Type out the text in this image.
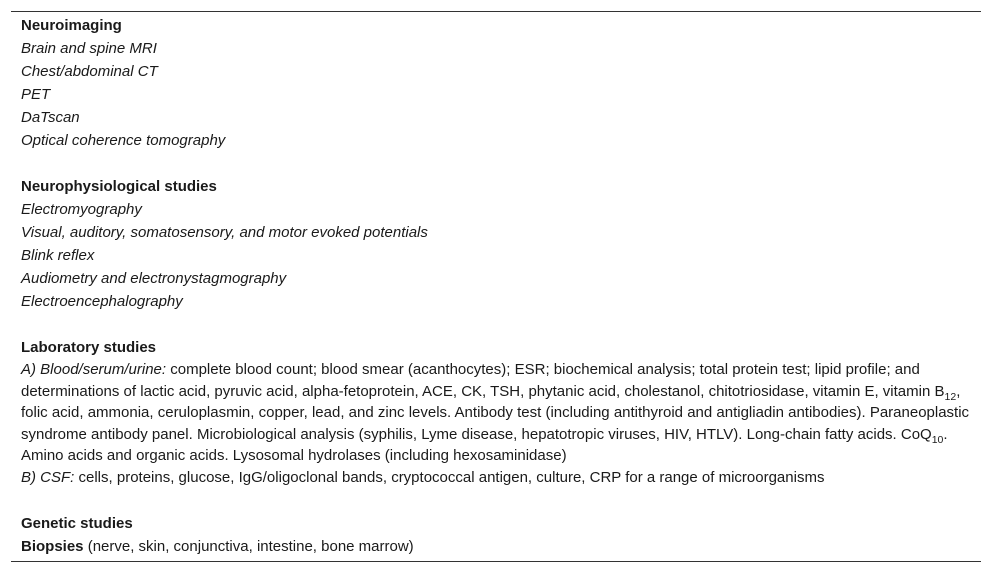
Neuroimaging
Brain and spine MRI
Chest/abdominal CT
PET
DaTscan
Optical coherence tomography
Neurophysiological studies
Electromyography
Visual, auditory, somatosensory, and motor evoked potentials
Blink reflex
Audiometry and electronystagmography
Electroencephalography
Laboratory studies
A) Blood/serum/urine: complete blood count; blood smear (acanthocytes); ESR; biochemical analysis; total protein test; lipid profile; and determinations of lactic acid, pyruvic acid, alpha-fetoprotein, ACE, CK, TSH, phytanic acid, cholestanol, chitotriosidase, vitamin E, vitamin $B_{12}$, folic acid, ammonia, ceruloplasmin, copper, lead, and zinc levels. Antibody test (including antithyroid and antigliadin antibodies). Paraneoplastic syndrome antibody panel. Microbiological analysis (syphilis, Lyme disease, hepatotropic viruses, HIV, HTLV). Long-chain fatty acids. CoQ$_{10}$. Amino acids and organic acids. Lysosomal hydrolases (including hexosaminidase)
B) CSF: cells, proteins, glucose, IgG/oligoclonal bands, cryptococcal antigen, culture, CRP for a range of microorganisms
Genetic studies
Biopsies (nerve, skin, conjunctiva, intestine, bone marrow)
